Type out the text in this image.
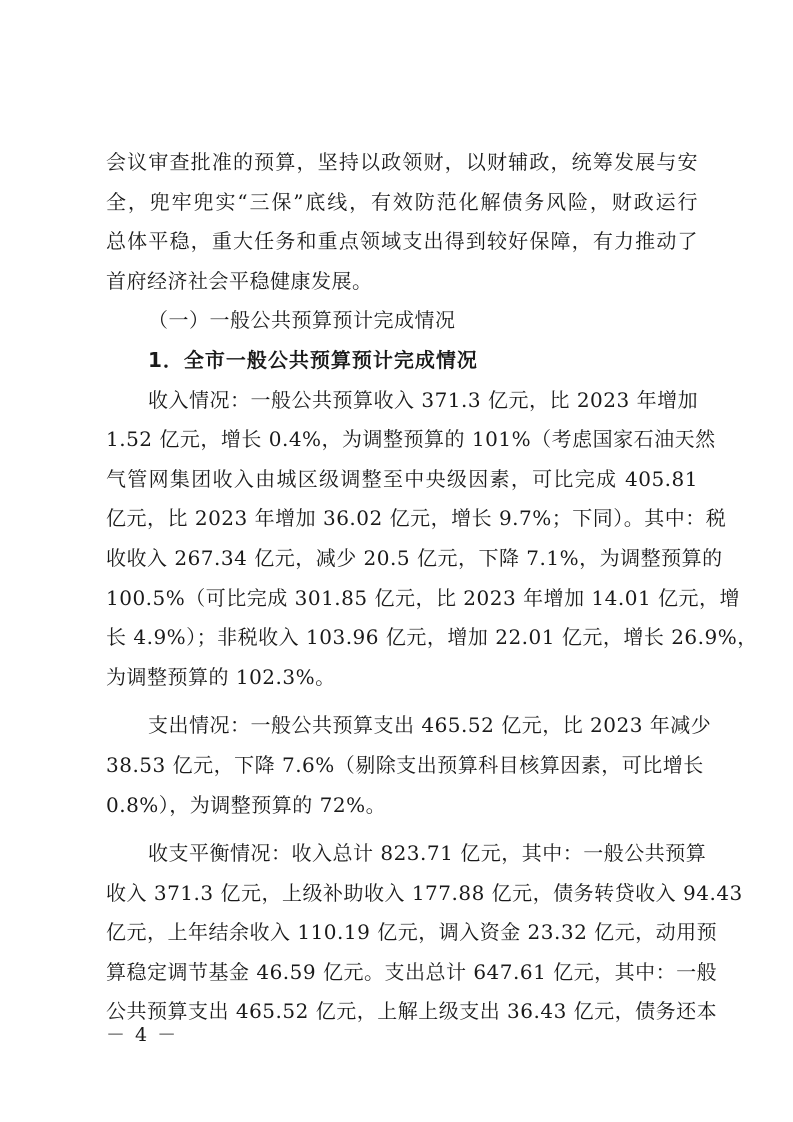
会议审查批准的预算，坚持以政领财，以财辅政，统筹发展与安
全，兜牢兜实“三保”底线，有效防范化解债务风险，财政运行
总体平稳，重大任务和重点领域支出得到较好保障，有力推动了
首府经济社会平稳健康发展。
（一）一般公共预算预计完成情况
1．全市一般公共预算预计完成情况
收入情况：一般公共预算收入 371.3 亿元，比 2023 年增加
1.52 亿元，增长 0.4%，为调整预算的 101%（考虑国家石油天然
气管网集团收入由城区级调整至中央级因素，可比完成 405.81
亿元，比 2023 年增加 36.02 亿元，增长 9.7%；下同）。其中：税
收收入 267.34 亿元，减少 20.5 亿元，下降 7.1%，为调整预算的
100.5%（可比完成 301.85 亿元，比 2023 年增加 14.01 亿元，增
长 4.9%）；非税收入 103.96 亿元，增加 22.01 亿元，增长 26.9%，
为调整预算的 102.3%。
支出情况：一般公共预算支出 465.52 亿元，比 2023 年减少
38.53 亿元，下降 7.6%（剔除支出预算科目核算因素，可比增长
0.8%），为调整预算的 72%。
收支平衡情况：收入总计 823.71 亿元，其中：一般公共预算
收入 371.3 亿元，上级补助收入 177.88 亿元，债务转贷收入 94.43
亿元，上年结余收入 110.19 亿元，调入资金 23.32 亿元，动用预
算稳定调节基金 46.59 亿元。支出总计 647.61 亿元，其中：一般
公共预算支出 465.52 亿元，上解上级支出 36.43 亿元，债务还本
－ 4 －
